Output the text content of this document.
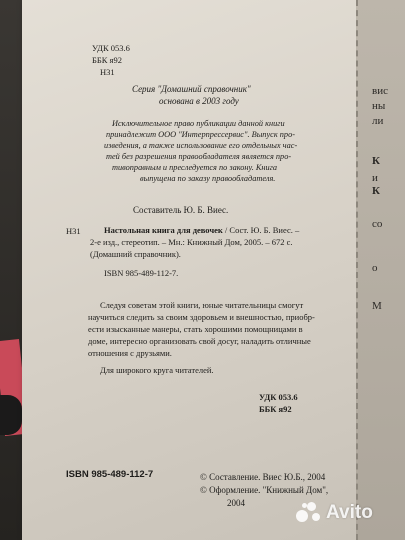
УДК 053.6
ББК я92
Н31
Серия "Домашний справочник"
основана в 2003 году
Исключительное право публикации данной книги
принадлежит ООО "Интерпрессервис". Выпуск про-
изведения, а также использование его отдельных час-
тей без разрешения правообладателя является про-
тивоправным и преследуется по закону. Книга
выпущена по заказу правообладателя.
Составитель Ю. Б. Виес.
Н31	Настольная книга для девочек / Сост. Ю. Б. Виес. –
2-е изд., стереотип. – Мн.: Книжный Дом, 2005. – 672 с.
(Домашний справочник).
ISBN 985-489-112-7.
Следуя советам этой книги, юные читательницы смогут
научиться следить за своим здоровьем и внешностью, приобр-
ести изысканные манеры, стать хорошими помощницами в
доме, интересно организовать свой досуг, наладить отличные
отношения с друзьями.
Для широкого круга читателей.
УДК 053.6
ББК я92
ISBN 985-489-112-7	© Составление. Виес Ю.Б., 2004
© Оформление. "Книжный Дом",
2004
вис
ны
ли
К
и
К
со
о
М
Avito
